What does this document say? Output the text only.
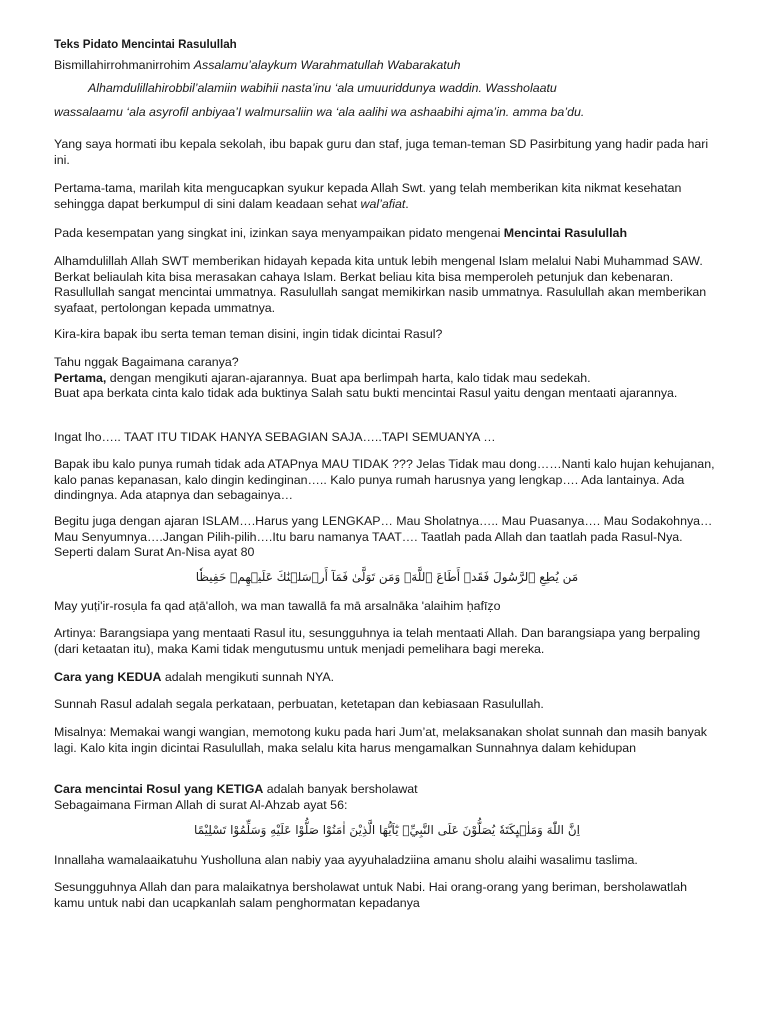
Teks Pidato Mencintai Rasulullah
Bismillahirrohmanirrohim Assalamu’alaykum Warahmatullah Wabarakatuh
Alhamdulillahirobbil’alamiin wabihii nasta’inu ‘ala umuuriddunya waddin. Wassholaatu
wassalaamu ‘ala asyrofil anbiyaa’I walmursaliin wa ‘ala aalihi wa ashaabihi ajma’in. amma ba’du.

Yang saya hormati ibu kepala sekolah, ibu bapak guru dan staf, juga teman-teman SD Pasirbitung yang hadir pada hari ini.

Pertama-tama, marilah kita mengucapkan syukur kepada Allah Swt. yang telah memberikan kita nikmat kesehatan sehingga dapat berkumpul di sini dalam keadaan sehat wal’afiat.

Pada kesempatan yang singkat ini, izinkan saya menyampaikan pidato mengenai Mencintai Rasulullah

Alhamdulillah Allah SWT memberikan hidayah kepada kita untuk lebih mengenal Islam melalui Nabi Muhammad SAW. Berkat beliaulah kita bisa merasakan cahaya Islam. Berkat beliau kita bisa memperoleh petunjuk dan kebenaran. Rasullullah sangat mencintai ummatnya. Rasulullah sangat memikirkan nasib ummatnya. Rasulullah akan memberikan syafaat, pertolongan kepada ummatnya.

Kira-kira bapak ibu serta teman teman disini, ingin tidak dicintai Rasul?

Tahu nggak Bagaimana caranya?
Pertama, dengan mengikuti ajaran-ajarannya. Buat apa berlimpah harta, kalo tidak mau sedekah.
Buat apa berkata cinta kalo tidak ada buktinya Salah satu bukti mencintai Rasul yaitu dengan mentaati ajarannya.

Ingat lho….. TAAT ITU TIDAK HANYA SEBAGIAN SAJA…..TAPI SEMUANYA …

Bapak ibu kalo punya rumah tidak ada ATAPnya MAU TIDAK ??? Jelas Tidak mau dong……Nanti kalo hujan kehujanan, kalo panas kepanasan, kalo dingin kedinginan….. Kalo punya rumah harusnya yang lengkap…. Ada lantainya. Ada dindingnya. Ada atapnya dan sebagainya…

Begitu juga dengan ajaran ISLAM….Harus yang LENGKAP… Mau Sholatnya….. Mau Puasanya…. Mau Sodakohnya…Mau Senyumnya….Jangan Pilih-pilih….Itu baru namanya TAAT…. Taatlah pada Allah dan taatlah pada Rasul-Nya. Seperti dalam Surat An-Nisa ayat 80

مَن يُطِعِ ٱلرَّسُولَ فَقَدۡ أَطَاعَ ٱللَّهَۖ وَمَن تَوَلَّىٰ فَمَآ أَرۡسَلۡنَٰكَ عَلَيۡهِمۡ حَفِيظٗا

May yuṭi'ir-rosụla fa qad aṭā'alloh, wa man tawallā fa mā arsalnāka 'alaihim ḥafīẓo

Artinya: Barangsiapa yang mentaati Rasul itu, sesungguhnya ia telah mentaati Allah. Dan barangsiapa yang berpaling (dari ketaatan itu), maka Kami tidak mengutusmu untuk menjadi pemelihara bagi mereka.

Cara yang KEDUA adalah mengikuti sunnah NYA.

Sunnah Rasul adalah segala perkataan, perbuatan, ketetapan dan kebiasaan Rasulullah.

Misalnya: Memakai wangi wangian, memotong kuku pada hari Jum’at, melaksanakan sholat sunnah dan masih banyak lagi. Kalo kita ingin dicintai Rasulullah, maka selalu kita harus mengamalkan Sunnahnya dalam kehidupan

Cara mencintai Rosul yang KETIGA adalah banyak bersholawat
Sebagaimana Firman Allah di surat Al-Ahzab ayat 56:
اِنَّ اللّٰهَ وَمَلٰۤىِٕكَتَهٗ يُصَلُّوْنَ عَلَى النَّبِيِّۗ يٰٓاَيُّهَا الَّذِيْنَ اٰمَنُوْا صَلُّوْا عَلَيْهِ وَسَلِّمُوْا تَسْلِيْمًا

Innallaha wamalaaikatuhu Yusholluna alan nabiy yaa ayyuhaladziina amanu sholu alaihi wasalimu taslima.

Sesungguhnya Allah dan para malaikatnya bersholawat untuk Nabi. Hai orang-orang yang beriman, bersholawatlah kamu untuk nabi dan ucapkanlah salam penghormatan kepadanya
